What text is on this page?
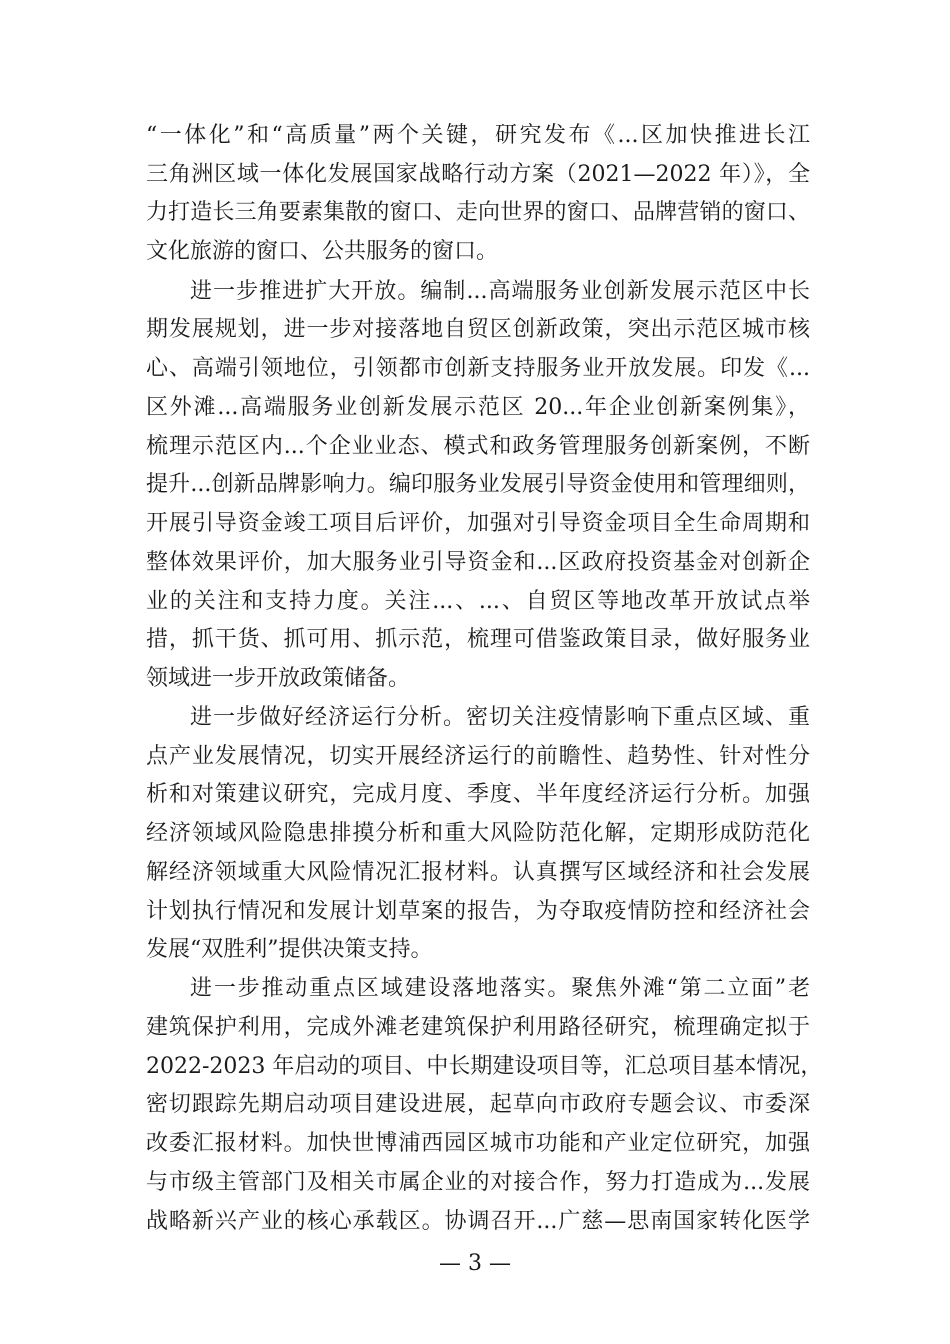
“一体化”和“高质量”两个关键，研究发布《...区加快推进长江

三角洲区域一体化发展国家战略行动方案（2021—2022 年）》，全

力打造长三角要素集散的窗口、走向世界的窗口、品牌营销的窗口、

文化旅游的窗口、公共服务的窗口。

进一步推进扩大开放。编制...高端服务业创新发展示范区中长

期发展规划，进一步对接落地自贸区创新政策，突出示范区城市核

心、高端引领地位，引领都市创新支持服务业开放发展。印发《...

区外滩...高端服务业创新发展示范区 20...年企业创新案例集》，

梳理示范区内...个企业业态、模式和政务管理服务创新案例，不断

提升...创新品牌影响力。编印服务业发展引导资金使用和管理细则，

开展引导资金竣工项目后评价，加强对引导资金项目全生命周期和

整体效果评价，加大服务业引导资金和...区政府投资基金对创新企

业的关注和支持力度。关注...、...、自贸区等地改革开放试点举

措，抓干货、抓可用、抓示范，梳理可借鉴政策目录，做好服务业

领域进一步开放政策储备。

进一步做好经济运行分析。密切关注疫情影响下重点区域、重

点产业发展情况，切实开展经济运行的前瞻性、趋势性、针对性分

析和对策建议研究，完成月度、季度、半年度经济运行分析。加强

经济领域风险隐患排摸分析和重大风险防范化解，定期形成防范化

解经济领域重大风险情况汇报材料。认真撰写区域经济和社会发展

计划执行情况和发展计划草案的报告，为夺取疫情防控和经济社会

发展“双胜利”提供决策支持。

进一步推动重点区域建设落地落实。聚焦外滩“第二立面”老

建筑保护利用，完成外滩老建筑保护利用路径研究，梳理确定拟于

2022-2023 年启动的项目、中长期建设项目等，汇总项目基本情况，

密切跟踪先期启动项目建设进展，起草向市政府专题会议、市委深

改委汇报材料。加快世博浦西园区城市功能和产业定位研究，加强

与市级主管部门及相关市属企业的对接合作，努力打造成为...发展

战略新兴产业的核心承载区。协调召开...广慈—思南国家转化医学

— 3 —
